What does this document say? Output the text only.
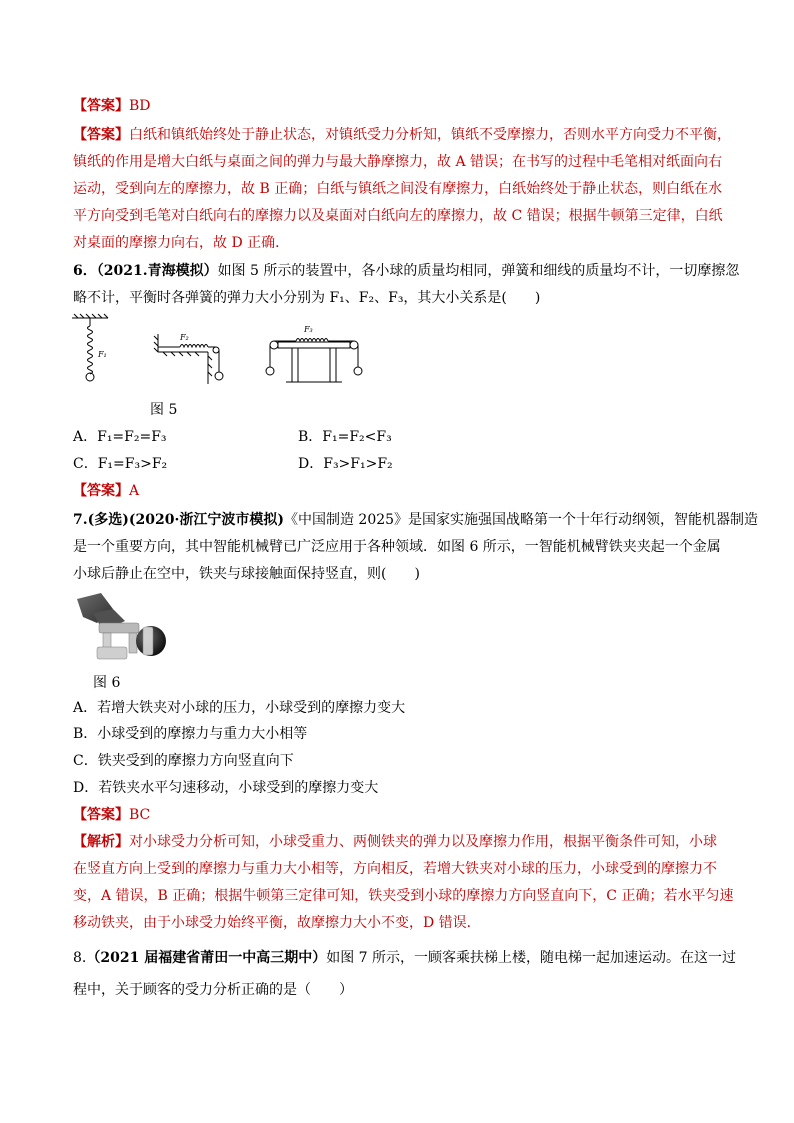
【答案】BD
【答案】白纸和镇纸始终处于静止状态，对镇纸受力分析知，镇纸不受摩擦力，否则水平方向受力不平衡，
镇纸的作用是增大白纸与桌面之间的弹力与最大静摩擦力，故 A 错误；在书写的过程中毛笔相对纸面向右
运动，受到向左的摩擦力，故 B 正确；白纸与镇纸之间没有摩擦力，白纸始终处于静止状态，则白纸在水
平方向受到毛笔对白纸向右的摩擦力以及桌面对白纸向左的摩擦力，故 C 错误；根据牛顿第三定律，白纸
对桌面的摩擦力向右，故 D 正确．
6．（2021.青海模拟）如图 5 所示的装置中，各小球的质量均相同，弹簧和细线的质量均不计，一切摩擦忽
略不计，平衡时各弹簧的弹力大小分别为 F₁、F₂、F₃，其大小关系是(　　)
F₁
F₂
F₃
图 5
A．F₁=F₂=F₃	B．F₁=F₂<F₃
C．F₁=F₃>F₂	D．F₃>F₁>F₂
【答案】A
7.(多选)(2020·浙江宁波市模拟)《中国制造 2025》是国家实施强国战略第一个十年行动纲领，智能机器制造
是一个重要方向，其中智能机械臂已广泛应用于各种领域．如图 6 所示，一智能机械臂铁夹夹起一个金属
小球后静止在空中，铁夹与球接触面保持竖直，则(　　)
图 6
A．若增大铁夹对小球的压力，小球受到的摩擦力变大
B．小球受到的摩擦力与重力大小相等
C．铁夹受到的摩擦力方向竖直向下
D．若铁夹水平匀速移动，小球受到的摩擦力变大
【答案】BC
【解析】对小球受力分析可知，小球受重力、两侧铁夹的弹力以及摩擦力作用，根据平衡条件可知，小球
在竖直方向上受到的摩擦力与重力大小相等，方向相反，若增大铁夹对小球的压力，小球受到的摩擦力不
变，A 错误，B 正确；根据牛顿第三定律可知，铁夹受到小球的摩擦力方向竖直向下，C 正确；若水平匀速
移动铁夹，由于小球受力始终平衡，故摩擦力大小不变，D 错误．
8.（2021 届福建省莆田一中高三期中）如图 7 所示，一顾客乘扶梯上楼，随电梯一起加速运动。在这一过
程中，关于顾客的受力分析正确的是（　　）
